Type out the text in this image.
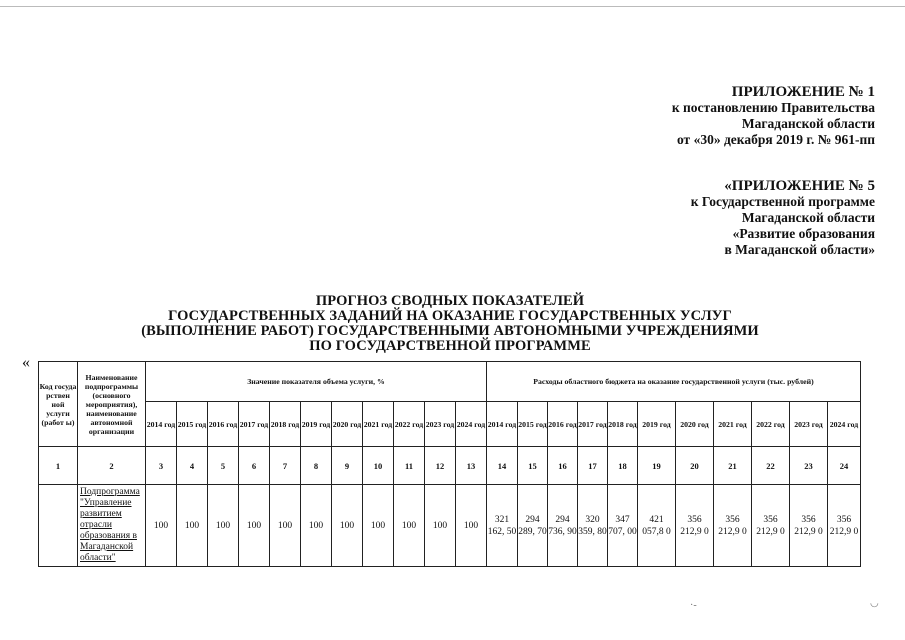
ПРИЛОЖЕНИЕ № 1
к постановлению Правительства
Магаданской области
от «30» декабря 2019 г. № 961-пп
«ПРИЛОЖЕНИЕ № 5
к Государственной программе
Магаданской области
«Развитие образования
в Магаданской области»
ПРОГНОЗ СВОДНЫХ ПОКАЗАТЕЛЕЙ
ГОСУДАРСТВЕННЫХ ЗАДАНИЙ НА ОКАЗАНИЕ ГОСУДАРСТВЕННЫХ УСЛУГ
(ВЫПОЛНЕНИЕ РАБОТ) ГОСУДАРСТВЕННЫМИ АВТОНОМНЫМИ УЧРЕЖДЕНИЯМИ
ПО ГОСУДАРСТВЕННОЙ ПРОГРАММЕ
«
Код госуда рствен ной услуги (работ ы)	Наименование подпрограммы (основного мероприятия), наименование автономной организации	Значение показателя объема услуги, %											Расходы областного бюджета на оказание государственной услуги (тыс. рублей)										
		2014 год	2015 год	2016 год	2017 год	2018 год	2019 год	2020 год	2021 год	2022 год	2023 год	2024 год	2014 год	2015 год	2016 год	2017 год	2018 год	2019 год	2020 год	2021 год	2022 год	2023 год	2024 год
1	2	3	4	5	6	7	8	9	10	11	12	13	14	15	16	17	18	19	20	21	22	23	24
	Подпрограмма "Управление развитием отрасли образования в Магаданской области"	100	100	100	100	100	100	100	100	100	100	100	321 162, 50	294 289, 70	294 736, 90	320 359, 80	347 707, 00	421 057,8 0	356 212,9 0	356 212,9 0	356 212,9 0	356 212,9 0	356 212,9 0
·-	◡
